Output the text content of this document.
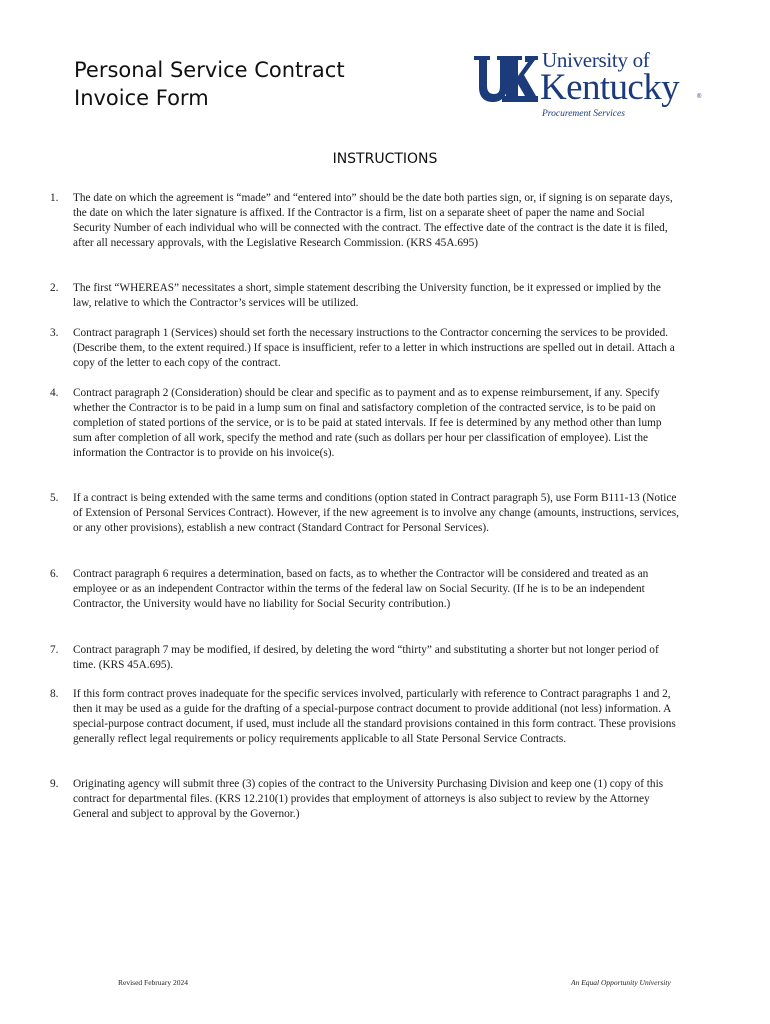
Personal Service Contract
Invoice Form
University of
Kentucky	®
Procurement Services
INSTRUCTIONS
1. The date on which the agreement is “made” and “entered into” should be the date both parties sign, or, if signing is on separate days, the date on which the later signature is affixed. If the Contractor is a firm, list on a separate sheet of paper the name and Social Security Number of each individual who will be connected with the contract. The effective date of the contract is the date it is filed, after all necessary approvals, with the Legislative Research Commission. (KRS 45A.695)
2. The first “WHEREAS” necessitates a short, simple statement describing the University function, be it expressed or implied by the law, relative to which the Contractor’s services will be utilized.
3. Contract paragraph 1 (Services) should set forth the necessary instructions to the Contractor concerning the services to be provided. (Describe them, to the extent required.) If space is insufficient, refer to a letter in which instructions are spelled out in detail. Attach a copy of the letter to each copy of the contract.
4. Contract paragraph 2 (Consideration) should be clear and specific as to payment and as to expense reimbursement, if any. Specify whether the Contractor is to be paid in a lump sum on final and satisfactory completion of the contracted service, is to be paid on completion of stated portions of the service, or is to be paid at stated intervals. If fee is determined by any method other than lump sum after completion of all work, specify the method and rate (such as dollars per hour per classification of employee). List the information the Contractor is to provide on his invoice(s).
5. If a contract is being extended with the same terms and conditions (option stated in Contract paragraph 5), use Form B111-13 (Notice of Extension of Personal Services Contract). However, if the new agreement is to involve any change (amounts, instructions, services, or any other provisions), establish a new contract (Standard Contract for Personal Services).
6. Contract paragraph 6 requires a determination, based on facts, as to whether the Contractor will be considered and treated as an employee or as an independent Contractor within the terms of the federal law on Social Security. (If he is to be an independent Contractor, the University would have no liability for Social Security contribution.)
7. Contract paragraph 7 may be modified, if desired, by deleting the word “thirty” and substituting a shorter but not longer period of time. (KRS 45A.695).
8. If this form contract proves inadequate for the specific services involved, particularly with reference to Contract paragraphs 1 and 2, then it may be used as a guide for the drafting of a special-purpose contract document to provide additional (not less) information. A special-purpose contract document, if used, must include all the standard provisions contained in this form contract. These provisions generally reflect legal requirements or policy requirements applicable to all State Personal Service Contracts.
9. Originating agency will submit three (3) copies of the contract to the University Purchasing Division and keep one (1) copy of this contract for departmental files. (KRS 12.210(1) provides that employment of attorneys is also subject to review by the Attorney General and subject to approval by the Governor.)
Revised February 2024	An Equal Opportunity University
